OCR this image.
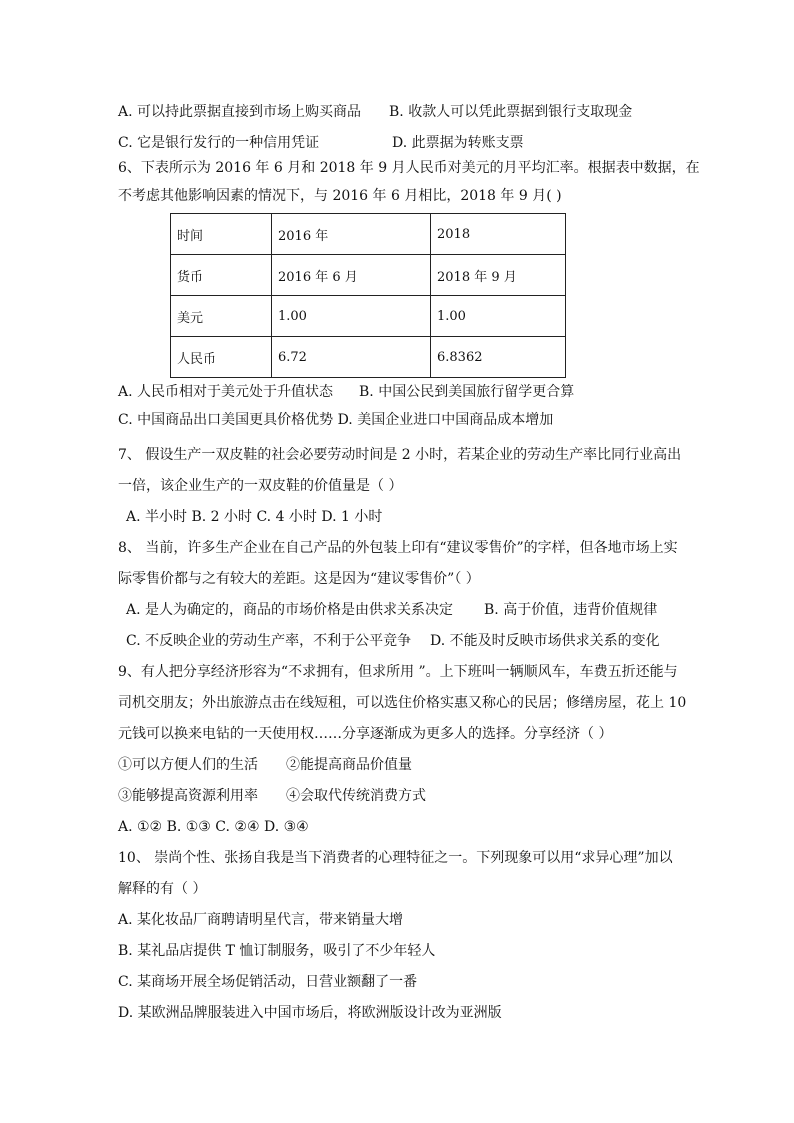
A. 可以持此票据直接到市场上购买商品 B. 收款人可以凭此票据到银行支取现金
C. 它是银行发行的一种信用凭证	D. 此票据为转账支票
6、下表所示为 2016 年 6 月和 2018 年 9 月人民币对美元的月平均汇率。根据表中数据，在
不考虑其他影响因素的情况下，与 2016 年 6 月相比，2018 年 9 月( )
时间	2016 年	2018
货币	2016 年 6 月	2018 年 9 月
美元	1.00	1.00
人民币	6.72	6.8362
A. 人民币相对于美元处于升值状态 B. 中国公民到美国旅行留学更合算
C. 中国商品出口美国更具价格优势 D. 美国企业进口中国商品成本增加
7、 假设生产一双皮鞋的社会必要劳动时间是 2 小时，若某企业的劳动生产率比同行业高出
一倍，该企业生产的一双皮鞋的价值量是（ ）
A. 半小时 B. 2 小时 C. 4 小时 D. 1 小时
8、 当前，许多生产企业在自己产品的外包装上印有“建议零售价”的字样，但各地市场上实
际零售价都与之有较大的差距。这是因为“建议零售价”（ ）
A. 是人为确定的，商品的市场价格是由供求关系决定 B. 高于价值，违背价值规律
C. 不反映企业的劳动生产率，不利于公平竞争 D. 不能及时反映市场供求关系的变化
9、有人把分享经济形容为“不求拥有，但求所用 ”。上下班叫一辆顺风车，车费五折还能与
司机交朋友；外出旅游点击在线短租，可以选住价格实惠又称心的民居；修缮房屋，花上 10
元钱可以换来电钻的一天使用权……分享逐渐成为更多人的选择。分享经济（ ）
①可以方便人们的生活 ②能提高商品价值量
③能够提高资源利用率 ④会取代传统消费方式
A. ①② B. ①③ C. ②④ D. ③④
10、 崇尚个性、张扬自我是当下消费者的心理特征之一。下列现象可以用“求异心理”加以
解释的有（ ）
A. 某化妆品厂商聘请明星代言，带来销量大增
B. 某礼品店提供 T 恤订制服务，吸引了不少年轻人
C. 某商场开展全场促销活动，日营业额翻了一番
D. 某欧洲品牌服装进入中国市场后，将欧洲版设计改为亚洲版
